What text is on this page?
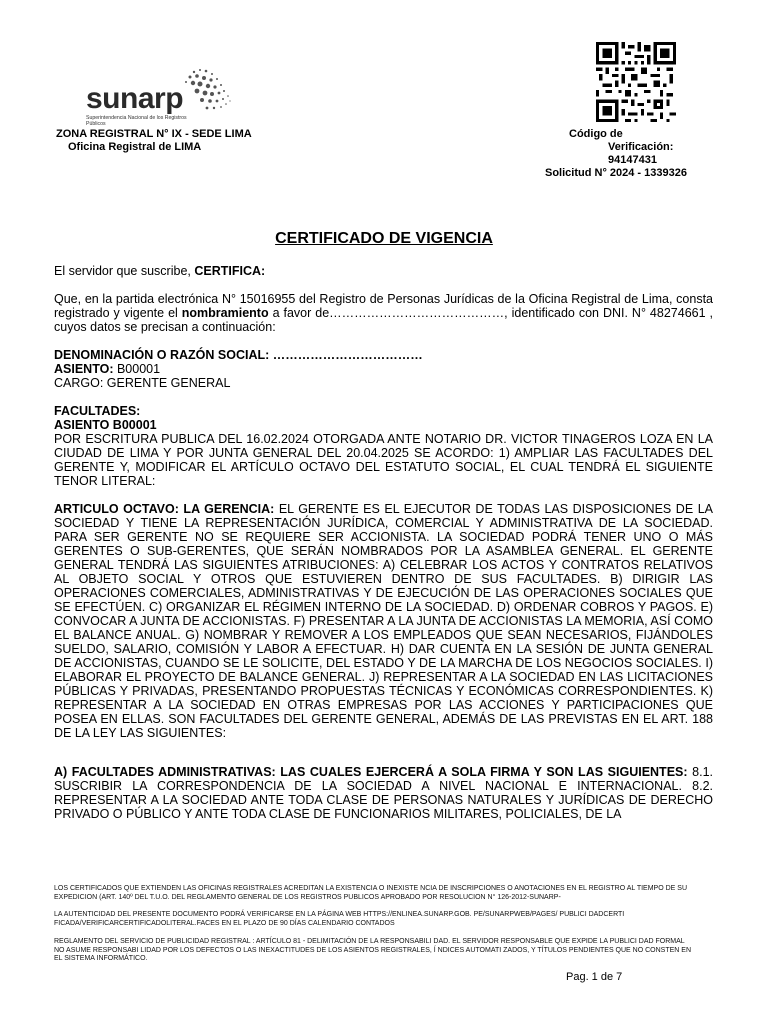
sunarp
Superintendencia Nacional de los Registros Públicos
ZONA REGISTRAL N° IX - SEDE LIMA
Oficina Registral de LIMA
Código de
Verificación:
94147431
Solicitud N° 2024 - 1339326
CERTIFICADO DE VIGENCIA
El servidor que suscribe, CERTIFICA:
Que, en la partida electrónica N° 15016955 del Registro de Personas Jurídicas de la Oficina Registral de Lima, consta registrado y vigente el nombramiento a favor de……………………………………, identificado con DNI. N° 48274661 , cuyos datos se precisan a continuación:
DENOMINACIÓN O RAZÓN SOCIAL: ………………………………
ASIENTO: B00001
CARGO: GERENTE GENERAL
FACULTADES:
ASIENTO B00001
POR ESCRITURA PUBLICA DEL 16.02.2024 OTORGADA ANTE NOTARIO DR. VICTOR TINAGEROS LOZA EN LA CIUDAD DE LIMA Y POR JUNTA GENERAL DEL 20.04.2025 SE ACORDO: 1) AMPLIAR LAS FACULTADES DEL GERENTE Y, MODIFICAR EL ARTÍCULO OCTAVO DEL ESTATUTO SOCIAL, EL CUAL TENDRÁ EL SIGUIENTE TENOR LITERAL:
ARTICULO OCTAVO: LA GERENCIA: EL GERENTE ES EL EJECUTOR DE TODAS LAS DISPOSICIONES DE LA SOCIEDAD Y TIENE LA REPRESENTACIÓN JURÍDICA, COMERCIAL Y ADMINISTRATIVA DE LA SOCIEDAD. PARA SER GERENTE NO SE REQUIERE SER ACCIONISTA. LA SOCIEDAD PODRÁ TENER UNO O MÁS GERENTES O SUB-GERENTES, QUE SERÁN NOMBRADOS POR LA ASAMBLEA GENERAL. EL GERENTE GENERAL TENDRÁ LAS SIGUIENTES ATRIBUCIONES: A) CELEBRAR LOS ACTOS Y CONTRATOS RELATIVOS AL OBJETO SOCIAL Y OTROS QUE ESTUVIEREN DENTRO DE SUS FACULTADES. B) DIRIGIR LAS OPERACIONES COMERCIALES, ADMINISTRATIVAS Y DE EJECUCIÓN DE LAS OPERACIONES SOCIALES QUE SE EFECTÚEN. C) ORGANIZAR EL RÉGIMEN INTERNO DE LA SOCIEDAD. D) ORDENAR COBROS Y PAGOS. E) CONVOCAR A JUNTA DE ACCIONISTAS. F) PRESENTAR A LA JUNTA DE ACCIONISTAS LA MEMORIA, ASÍ COMO EL BALANCE ANUAL. G) NOMBRAR Y REMOVER A LOS EMPLEADOS QUE SEAN NECESARIOS, FIJÁNDOLES SUELDO, SALARIO, COMISIÓN Y LABOR A EFECTUAR. H) DAR CUENTA EN LA SESIÓN DE JUNTA GENERAL DE ACCIONISTAS, CUANDO SE LE SOLICITE, DEL ESTADO Y DE LA MARCHA DE LOS NEGOCIOS SOCIALES. I) ELABORAR EL PROYECTO DE BALANCE GENERAL. J) REPRESENTAR A LA SOCIEDAD EN LAS LICITACIONES PÚBLICAS Y PRIVADAS, PRESENTANDO PROPUESTAS TÉCNICAS Y ECONÓMICAS CORRESPONDIENTES. K) REPRESENTAR A LA SOCIEDAD EN OTRAS EMPRESAS POR LAS ACCIONES Y PARTICIPACIONES QUE POSEA EN ELLAS. SON FACULTADES DEL GERENTE GENERAL, ADEMÁS DE LAS PREVISTAS EN EL ART. 188 DE LA LEY LAS SIGUIENTES:
A) FACULTADES ADMINISTRATIVAS: LAS CUALES EJERCERÁ A SOLA FIRMA Y SON LAS SIGUIENTES: 8.1. SUSCRIBIR LA CORRESPONDENCIA DE LA SOCIEDAD A NIVEL NACIONAL E INTERNACIONAL. 8.2. REPRESENTAR A LA SOCIEDAD ANTE TODA CLASE DE PERSONAS NATURALES Y JURÍDICAS DE DERECHO PRIVADO O PÚBLICO Y ANTE TODA CLASE DE FUNCIONARIOS MILITARES, POLICIALES, DE LA
LOS CERTIFICADOS QUE EXTIENDEN LAS OFICINAS REGISTRALES ACREDITAN LA EXISTENCIA O INEXISTE NCIA DE INSCRIPCIONES O ANOTACIONES EN EL REGISTRO AL TIEMPO DE SU EXPEDICION (ART. 140º DEL T.U.O. DEL REGLAMENTO GENERAL DE LOS REGISTROS PUBLICOS APROBADO POR RESOLUCION N° 126-2012-SUNARP-
LA AUTENTICIDAD DEL PRESENTE DOCUMENTO PODRÁ VERIFICARSE EN LA PÁGINA WEB HTTPS://ENLINEA.SUNARP.GOB. PE/SUNARPWEB/PAGES/ PUBLICI DADCERTI FICADA/VERIFICARCERTIFICADOLITERAL.FACES EN EL PLAZO DE 90 DÍAS CALENDARIO CONTADOS
REGLAMENTO DEL SERVICIO DE PUBLICIDAD REGISTRAL : ARTÍCULO 81 - DELIMITACIÓN DE LA RESPONSABILI DAD. EL SERVIDOR RESPONSABLE QUE EXPIDE LA PUBLICI DAD FORMAL NO ASUME RESPONSABI LIDAD POR LOS DEFECTOS O LAS INEXACTITUDES DE LOS ASIENTOS REGISTRALES, Í NDICES AUTOMATI ZADOS, Y TÍTULOS PENDIENTES QUE NO CONSTEN EN EL SISTEMA INFORMÁTICO.
Pag. 1 de 7
